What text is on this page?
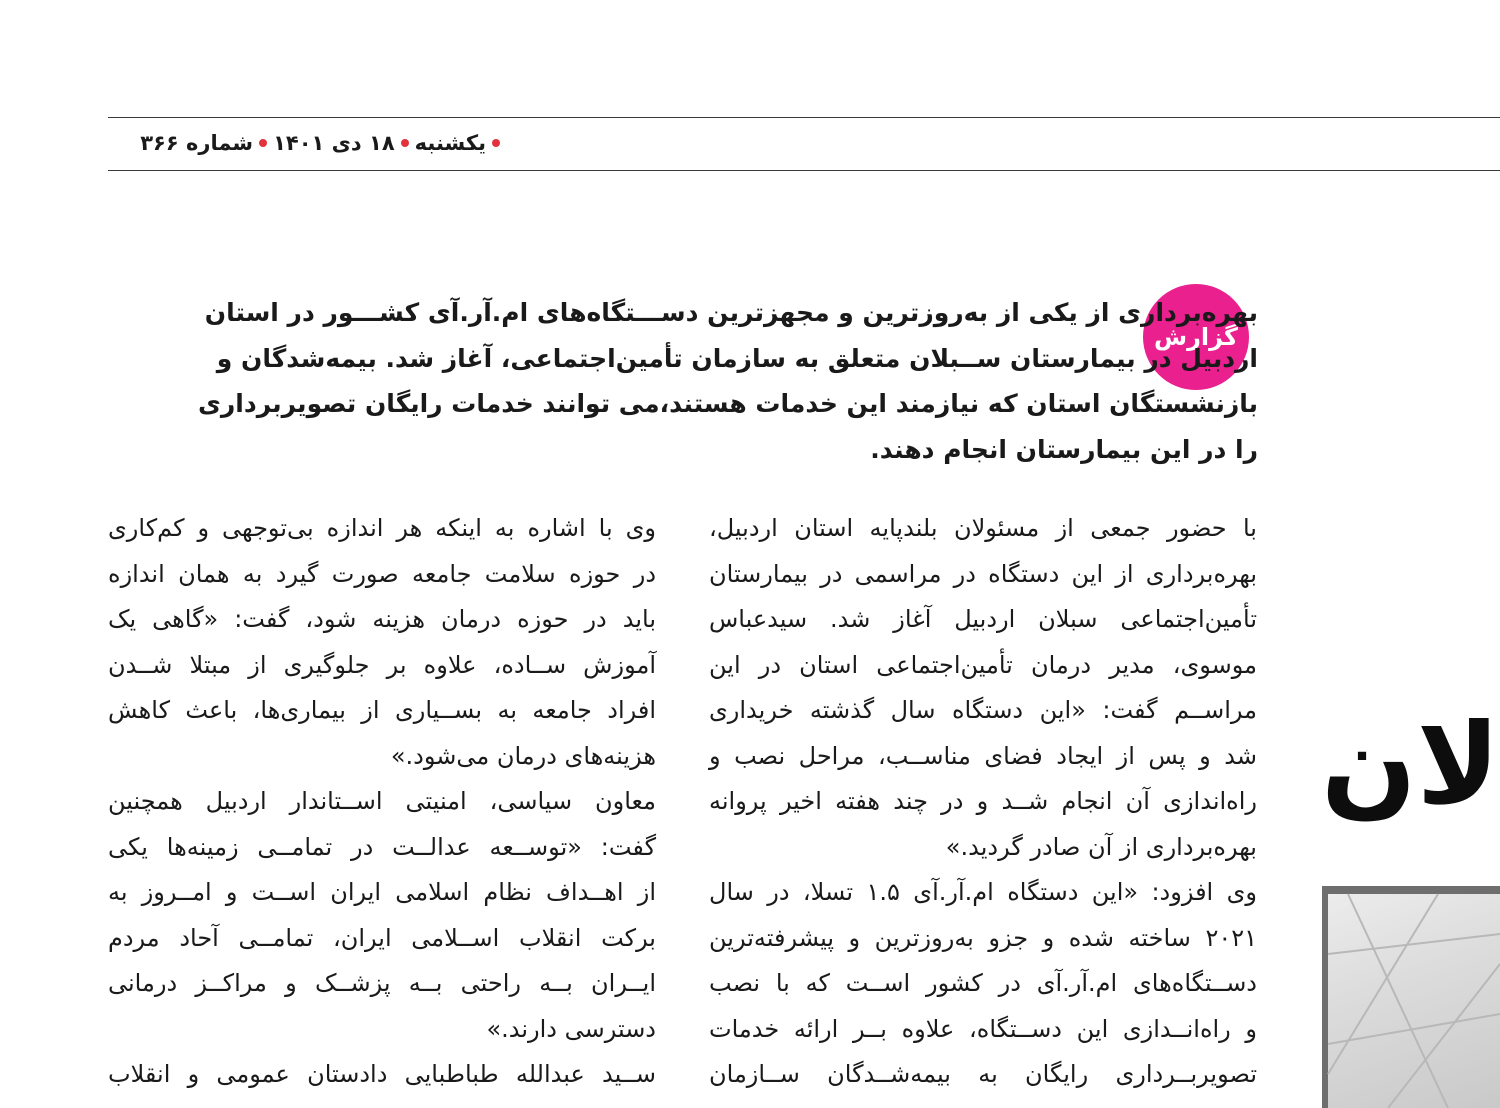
یکشنبه
۱۸ دی ۱۴۰۱
شماره ۳۶۶
گزارش
بهره‌برداری از یکی از به‌روزترین و مجهزترین دســـتگاه‌های ام.آر.آی کشـــور در استان
اردبیل در بیمارستان ســبلان متعلق به سازمان تأمین‌اجتماعی، آغاز شد. بیمه‌شدگان و
بازنشستگان استان که نیازمند این خدمات هستند،می توانند خدمات رایگان تصویربرداری
را در این بیمارستان انجام دهند.
با حضور جمعی از مسئولان بلندپایه استان اردبیل،
بهره‌برداری از این دستگاه در مراسمی در بیمارستان
تأمین‌اجتماعی سبلان اردبیل آغاز شد. سیدعباس
موسوی، مدیر درمان تأمین‌اجتماعی استان در این
مراســم گفت: «این دستگاه سال گذشته خریداری
شد و پس از ایجاد فضای مناســب، مراحل نصب و
راه‌اندازی آن انجام شــد و در چند هفته اخیر پروانه
بهره‌برداری از آن صادر گردید.»
وی افزود: «این دستگاه ام.آر.آی ۱.۵ تسلا، در سال
۲۰۲۱ ساخته شده و جزو به‌روزترین و پیشرفته‌ترین
دســتگاه‌های ام.آر.آی در کشور اســت که با نصب
و راه‌انــدازی این دســتگاه، علاوه بــر ارائه خدمات
تصویربــرداری رایگان به بیمه‌شــدگان ســازمان
وی با اشاره به اینکه هر اندازه بی‌توجهی و کم‌کاری
در حوزه سلامت جامعه صورت گیرد به همان اندازه
باید در حوزه درمان هزینه شود، گفت: «گاهی یک
آموزش ســاده، علاوه بر جلوگیری از مبتلا شــدن
افراد جامعه به بســیاری از بیماری‌ها، باعث کاهش
هزینه‌های درمان می‌شود.»
معاون سیاسی، امنیتی اســتاندار اردبیل همچنین
گفت: «توســعه عدالــت در تمامــی زمینه‌ها یکی
از اهــداف نظام اسلامی ایران اســت و امــروز به
برکت انقلاب اســلامی ایران، تمامــی آحاد مردم
ایــران بــه راحتی بــه پزشــک و مراکــز درمانی
دسترسی دارند.»
ســید عبدالله طباطبایی دادستان عمومی و انقلاب
لان
